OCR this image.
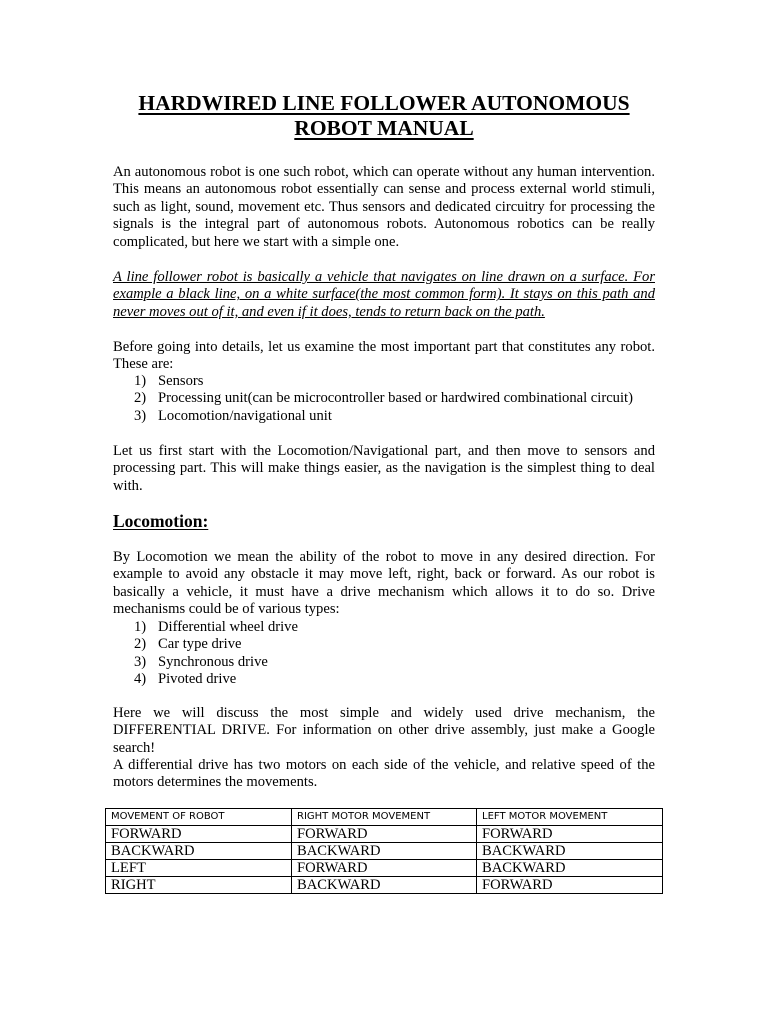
HARDWIRED LINE FOLLOWER AUTONOMOUS
ROBOT MANUAL
An autonomous robot is one such robot, which can operate without any human intervention. This means an autonomous robot essentially can sense and process external world stimuli, such as light, sound, movement etc. Thus sensors and dedicated circuitry for processing the signals is the integral part of autonomous robots. Autonomous robotics can be really complicated, but here we start with a simple one.
A line follower robot is basically a vehicle that navigates on line drawn on a surface. For example a black line, on a white surface(the most common form). It stays on this path and never moves out of it, and even if it does, tends to return back on the path.
Before going into details, let us examine the most important part that constitutes any robot. These are:
1) Sensors
2) Processing unit(can be microcontroller based or hardwired combinational circuit)
3) Locomotion/navigational unit
Let us first start with the Locomotion/Navigational part, and then move to sensors and processing part. This will make things easier, as the navigation is the simplest thing to deal with.
Locomotion:
By Locomotion we mean the ability of the robot to move in any desired direction. For example to avoid any obstacle it may move left, right, back or forward. As our robot is basically a vehicle, it must have a drive mechanism which allows it to do so. Drive mechanisms could be of various types:
1) Differential wheel drive
2) Car type drive
3) Synchronous drive
4) Pivoted drive
Here we will discuss the most simple and widely used drive mechanism, the DIFFERENTIAL DRIVE. For information on other drive assembly, just make a Google search!
A differential drive has two motors on each side of the vehicle, and relative speed of the motors determines the movements.
MOVEMENT OF ROBOT	RIGHT MOTOR MOVEMENT	LEFT MOTOR MOVEMENT
FORWARD	FORWARD	FORWARD
BACKWARD	BACKWARD	BACKWARD
LEFT	FORWARD	BACKWARD
RIGHT	BACKWARD	FORWARD
